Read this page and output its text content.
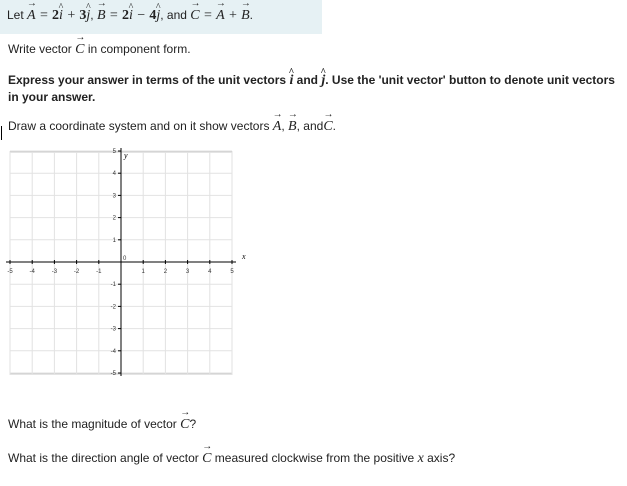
Let → A = 2^ i + 3^ j, → B = 2^ i − 4^ j, and → C = → A + → B.
Write vector → C in component form.
Express your answer in terms of the unit vectors ^ i and ^ j. Use the 'unit vector' button to denote unit vectors in your answer.
Draw a coordinate system and on it show vectors → A, → B, and→ C.
-5	-4	-3	-2	-1	1	2	3	4	5
-5
-4
-3
-2
-1
1
2
3
4
5
0	x
y
What is the magnitude of vector → C?
What is the direction angle of vector → C measured clockwise from the positive x axis?
